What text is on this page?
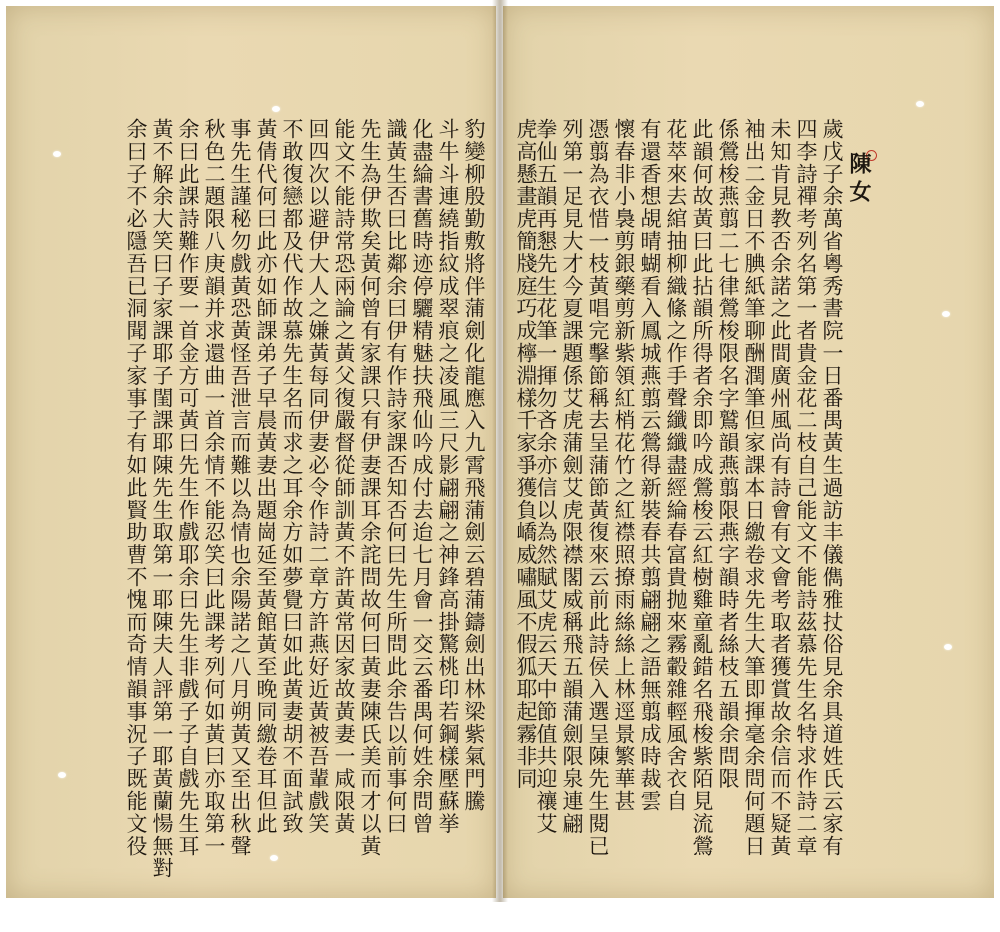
陳女
歲戊子余萬省粵秀書院一日番禺黃生過訪丰儀儁雅扙俗見余具道姓氏云家有
四李詩禪考列名第一者貴金花二枝自己能文不能詩茲慕先生名特求作詩二章
未知肯見教否余諾之此間廣州風尚有詩會有文會考取者獲賞故余信而不疑黃
袖出二金日不腆紙筆聊酬潤筆但家課本日繳卷求先生大筆即揮毫余問何題日
係鶯梭燕翦二七律鶯梭限名字鷲韻燕翦限燕字韻時者絲枝五韻余問限
此韻何故黃曰此拈韻所得者余即吟成鶯梭云紅樹雞童亂錯名飛梭紫陌見流鶯
花萃來去綰抽柳織絛之作手聲纖纖盡經綸春富貴抛來霧轂雜輕風舍衣自
有還香想覘晴蝴看入鳳城燕翦云鶯得新裝春共翦翩翩之語無翦成時裁雲
懷春非小裊剪銀藥剪新紫領紅梢花竹之紅襟照撩雨絲絲上林逕景繁華甚
憑翦為衣惜一枝黃唱完擊節稱去呈蒲節黃復來云前此詩侯入選呈陳先生閱已
列第一足見大才今夏課題係艾虎蒲劍艾虎限襟閣威稱飛五韻蒲劍限泉連翩
拳仙五韻再懇先生花筆一揮勿吝余亦信以為然賦艾虎云天中節值共迎禳艾
虎高懸畫虎簡牋庭巧成檸淵樣千家爭獲負嶠威嘯風不假狐耶起霧非同
豹變柳殷勤敷將伴蒲劍化龍應入九霄飛蒲劍云碧蒲鑄劍出林梁紫氣門騰
斗牛斗連繞指紋成翠痕之凌風三尺影翩翩之神鋒高掛驚桃印若鋼樣壓蘇挙
化盡綸書舊時迹停驪精魅扶飛仙吟成付去迨七月會一交云番禺何姓余問曾
識黃生否曰比鄰余曰伊有作詩家課否知否何曰先生所問此余告以前事何曰
先生為伊欺矣黃何曾有家課只有伊妻課耳余詫問故何曰黃妻陳氏美而才以黃
能文不能詩常恐兩論之黃父復嚴督從師訓黃不許黃常因家故黃妻一咸限黃
回四次以避伊大人之嫌黃每同伊妻必令作詩二章方許燕好近黃被吾輩戲笑
不敢復戀都及代作故慕先生名而求之耳余方如夢覺曰如此黃妻胡不面試致
黃倩代何曰此亦如師課弟子早晨黃妻出題崗延至黃館黃至晚同繳卷耳但此
事先生謹秘勿戲黃恐黃怪吾泄言而難以為情也余陽諾之八月朔黃又至出秋聲
秋色二題限八庚韻并求還曲一首余情不能忍笑曰此課考列何如黃曰亦取第一
余曰此課詩難作要一首金方可黃曰先生作戲耶余曰先生非戲子子自戲先生耳
黃不解余大笑曰子家課耶子閨課耶陳先生取第一耶陳夫人評第一耶黃蘭愓無對
余曰子不必隱吾已洞聞子家事子有如此賢助曹不愧而奇情韻事況子既能文役
